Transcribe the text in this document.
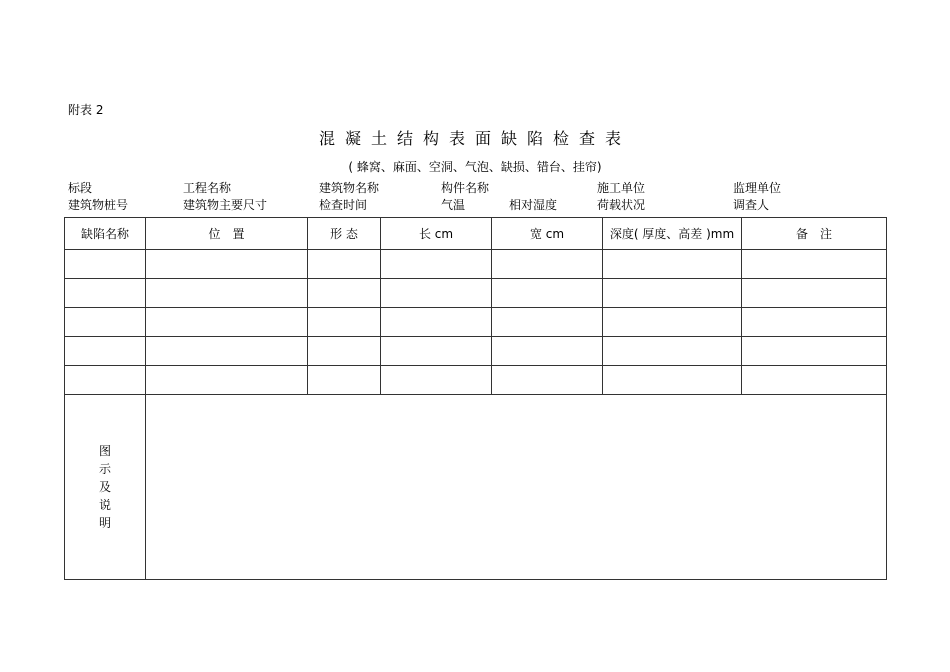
附表 2
混凝土结构表面缺陷检查表
( 蜂窝、麻面、空洞、气泡、缺损、错台、挂帘)
标段	工程名称	建筑物名称	构件名称	施工单位	监理单位
建筑物桩号	建筑物主要尺寸	检查时间	气温	相对湿度	荷载状况	调查人
缺陷名称	位　置	形 态	长 cm	宽 cm	深度( 厚度、高差 )mm	备　注

图示及说明						
